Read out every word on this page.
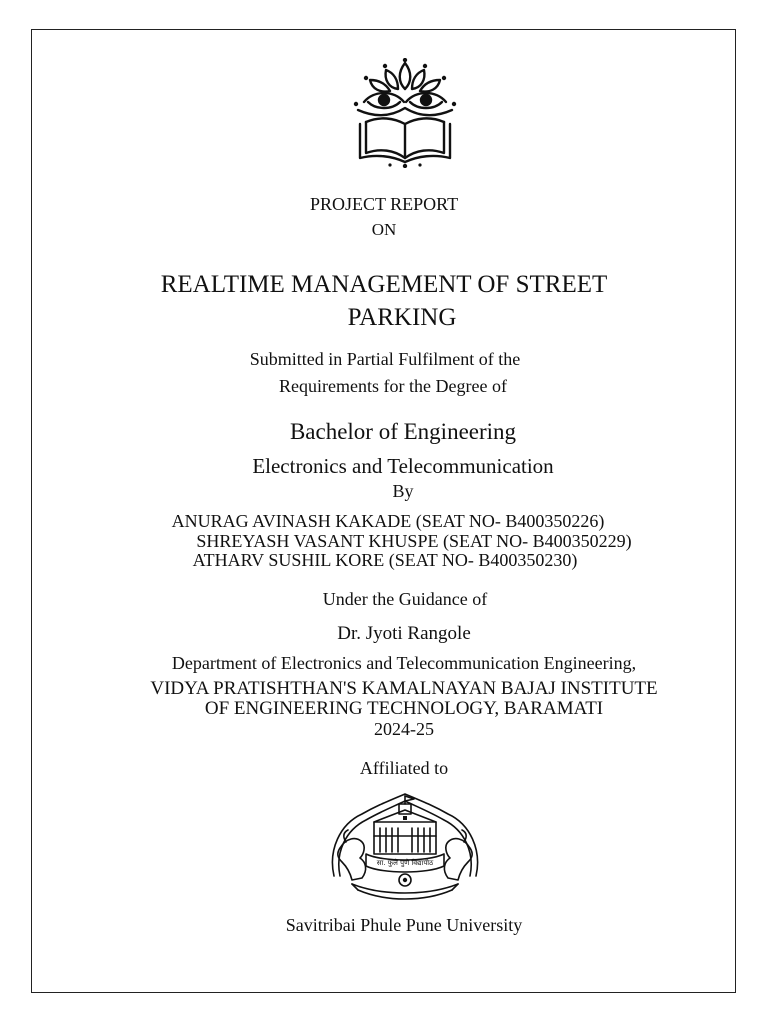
PROJECT REPORT
ON
REALTIME MANAGEMENT OF STREET
PARKING
Submitted in Partial Fulfilment of the
Requirements for the Degree of
Bachelor of Engineering
Electronics and Telecommunication
By
ANURAG AVINASH KAKADE (SEAT NO- B400350226)
SHREYASH VASANT KHUSPE (SEAT NO- B400350229)
ATHARV SUSHIL KORE (SEAT NO- B400350230)
Under the Guidance of
Dr. Jyoti Rangole
Department of Electronics and Telecommunication Engineering,
VIDYA PRATISHTHAN'S KAMALNAYAN BAJAJ INSTITUTE
OF ENGINEERING TECHNOLOGY, BARAMATI
2024-25
Affiliated to
सा. फुले पुणे विद्यापीठ
Savitribai Phule Pune University
